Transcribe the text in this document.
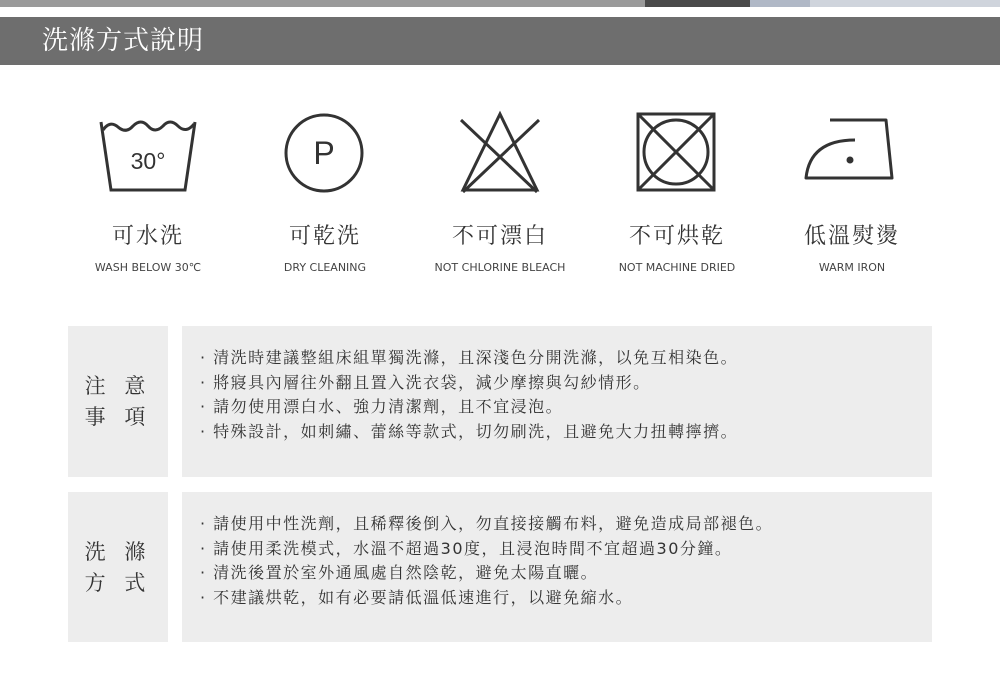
洗滌方式說明
30°	P
可水洗
WASH BELOW 30℃
可乾洗
DRY CLEANING
不可漂白
NOT CHLORINE BLEACH
不可烘乾
NOT MACHINE DRIED
低溫熨燙
WARM IRON
注 意
事 項
· 清洗時建議整組床組單獨洗滌，且深淺色分開洗滌，以免互相染色。
· 將寢具內層往外翻且置入洗衣袋，減少摩擦與勾紗情形。
· 請勿使用漂白水、強力清潔劑，且不宜浸泡。
· 特殊設計，如刺繡、蕾絲等款式，切勿刷洗，且避免大力扭轉擰擠。
洗 滌
方 式
· 請使用中性洗劑，且稀釋後倒入，勿直接接觸布料，避免造成局部褪色。
· 請使用柔洗模式，水溫不超過30度，且浸泡時間不宜超過30分鐘。
· 清洗後置於室外通風處自然陰乾，避免太陽直曬。
· 不建議烘乾，如有必要請低溫低速進行，以避免縮水。
